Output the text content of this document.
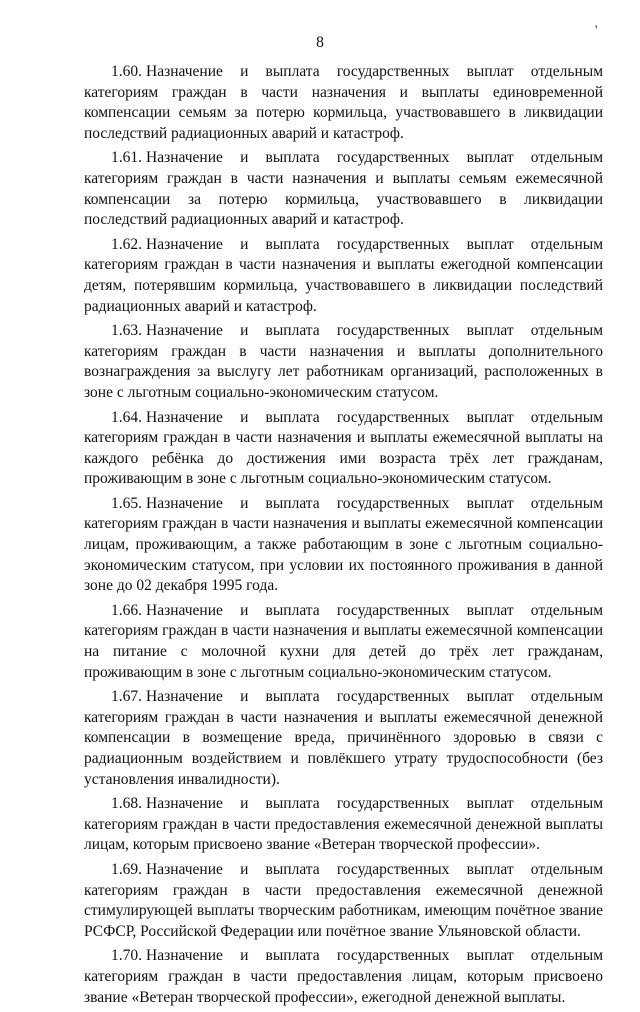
'
8

1.60. Назначение и выплата государственных выплат отдельным категориям граждан в части назначения и выплаты единовременной компенсации семьям за потерю кормильца, участвовавшего в ликвидации последствий радиационных аварий и катастроф.

1.61. Назначение и выплата государственных выплат отдельным категориям граждан в части назначения и выплаты семьям ежемесячной компенсации за потерю кормильца, участвовавшего в ликвидации последствий радиационных аварий и катастроф.

1.62. Назначение и выплата государственных выплат отдельным категориям граждан в части назначения и выплаты ежегодной компенсации детям, потерявшим кормильца, участвовавшего в ликвидации последствий радиационных аварий и катастроф.

1.63. Назначение и выплата государственных выплат отдельным категориям граждан в части назначения и выплаты дополнительного вознаграждения за выслугу лет работникам организаций, расположенных в зоне с льготным социально-экономическим статусом.

1.64. Назначение и выплата государственных выплат отдельным категориям граждан в части назначения и выплаты ежемесячной выплаты на каждого ребёнка до достижения ими возраста трёх лет гражданам, проживающим в зоне с льготным социально-экономическим статусом.

1.65. Назначение и выплата государственных выплат отдельным категориям граждан в части назначения и выплаты ежемесячной компенсации лицам, проживающим, а также работающим в зоне с льготным социально-экономическим статусом, при условии их постоянного проживания в данной зоне до 02 декабря 1995 года.

1.66. Назначение и выплата государственных выплат отдельным категориям граждан в части назначения и выплаты ежемесячной компенсации на питание с молочной кухни для детей до трёх лет гражданам, проживающим в зоне с льготным социально-экономическим статусом.

1.67. Назначение и выплата государственных выплат отдельным категориям граждан в части назначения и выплаты ежемесячной денежной компенсации в возмещение вреда, причинённого здоровью в связи с радиационным воздействием и повлёкшего утрату трудоспособности (без установления инвалидности).

1.68. Назначение и выплата государственных выплат отдельным категориям граждан в части предоставления ежемесячной денежной выплаты лицам, которым присвоено звание «Ветеран творческой профессии».

1.69. Назначение и выплата государственных выплат отдельным категориям граждан в части предоставления ежемесячной денежной стимулирующей выплаты творческим работникам, имеющим почётное звание РСФСР, Российской Федерации или почётное звание Ульяновской области.

1.70. Назначение и выплата государственных выплат отдельным категориям граждан в части предоставления лицам, которым присвоено звание «Ветеран творческой профессии», ежегодной денежной выплаты.
